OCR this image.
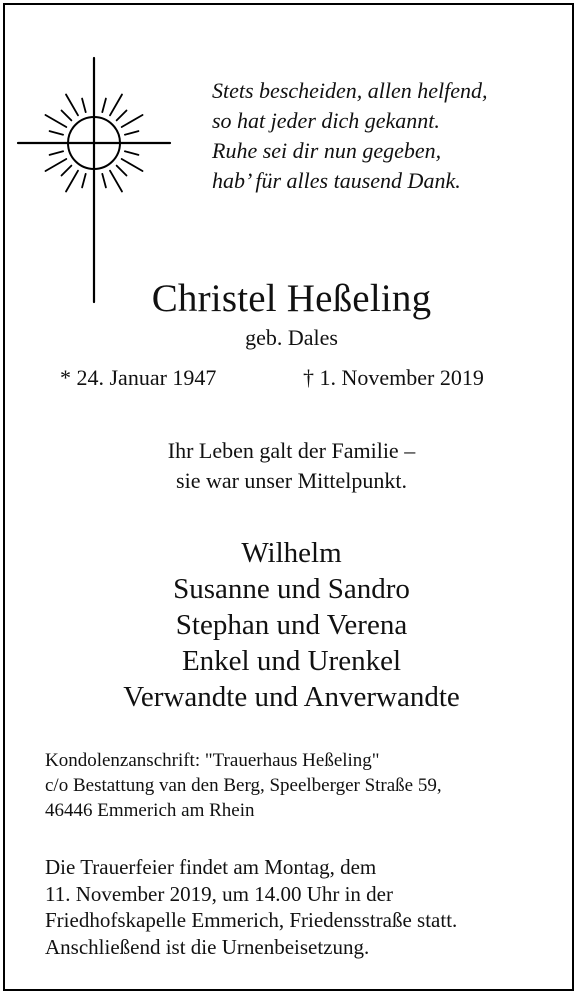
Stets bescheiden, allen helfend,
so hat jeder dich gekannt.
Ruhe sei dir nun gegeben,
hab’ für alles tausend Dank.
Christel Heßeling
geb. Dales
* 24. Januar 1947	† 1. November 2019
Ihr Leben galt der Familie –
sie war unser Mittelpunkt.
Wilhelm
Susanne und Sandro
Stephan und Verena
Enkel und Urenkel
Verwandte und Anverwandte
Kondolenzanschrift: "Trauerhaus Heßeling"
c/o Bestattung van den Berg, Speelberger Straße 59,
46446 Emmerich am Rhein
Die Trauerfeier findet am Montag, dem
11. November 2019, um 14.00 Uhr in der
Friedhofskapelle Emmerich, Friedensstraße statt.
Anschließend ist die Urnenbeisetzung.
